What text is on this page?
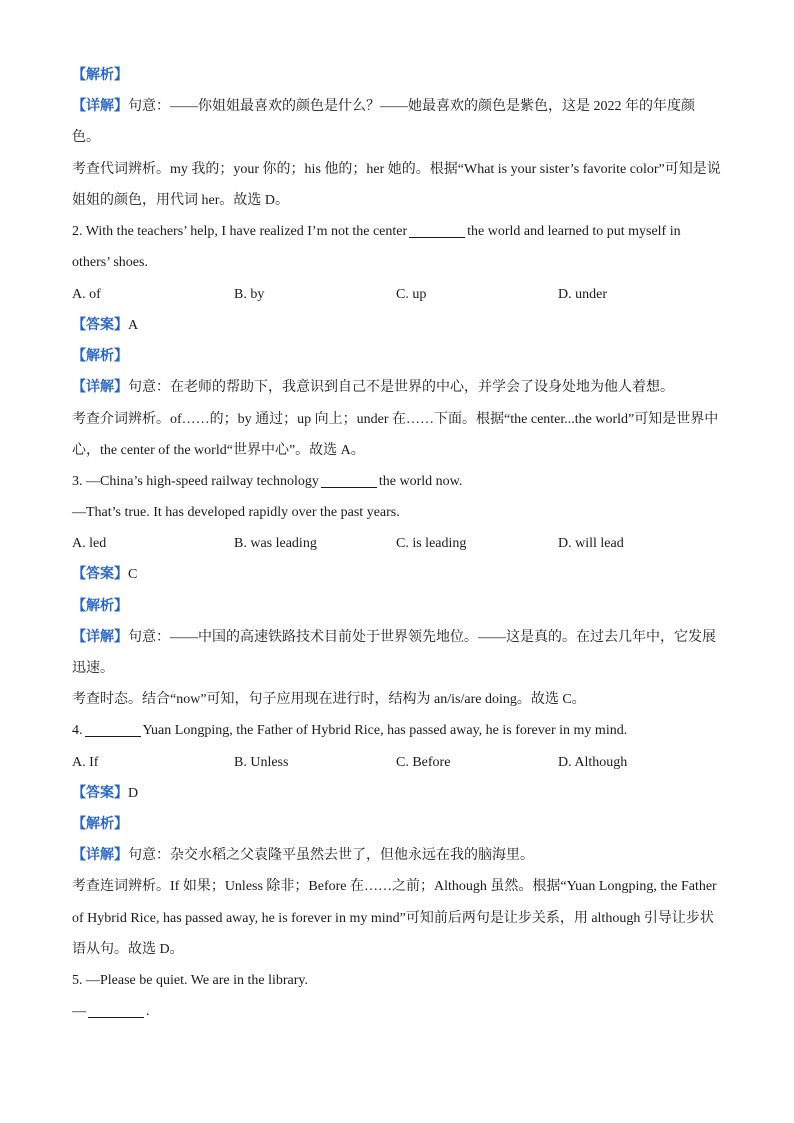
【解析】
【详解】句意：——你姐姐最喜欢的颜色是什么？——她最喜欢的颜色是紫色，这是 2022 年的年度颜
色。
考查代词辨析。my 我的；your 你的；his 他的；her 她的。根据“What is your sister’s favorite color”可知是说
姐姐的颜色，用代词 her。故选 D。
2. With the teachers’ help, I have realized I’m not the center	the world and learned to put myself in
others’ shoes.
A. of	B. by	C. up	D. under
【答案】A
【解析】
【详解】句意：在老师的帮助下，我意识到自己不是世界的中心，并学会了设身处地为他人着想。
考查介词辨析。of……的；by 通过；up 向上；under 在……下面。根据“the center...the world”可知是世界中
心，the center of the world“世界中心”。故选 A。
3. —China’s high-speed railway technology	the world now.
—That’s true. It has developed rapidly over the past years.
A. led	B. was leading	C. is leading	D. will lead
【答案】C
【解析】
【详解】句意：——中国的高速铁路技术目前处于世界领先地位。——这是真的。在过去几年中，它发展
迅速。
考查时态。结合“now”可知，句子应用现在进行时，结构为 an/is/are doing。故选 C。
4.	Yuan Longping, the Father of Hybrid Rice, has passed away, he is forever in my mind.
A. If	B. Unless	C. Before	D. Although
【答案】D
【解析】
【详解】句意：杂交水稻之父袁隆平虽然去世了，但他永远在我的脑海里。
考查连词辨析。If 如果；Unless 除非；Before 在……之前；Although 虽然。根据“Yuan Longping, the Father
of Hybrid Rice, has passed away, he is forever in my mind”可知前后两句是让步关系，用 although 引导让步状
语从句。故选 D。
5. —Please be quiet. We are in the library.
—	.
